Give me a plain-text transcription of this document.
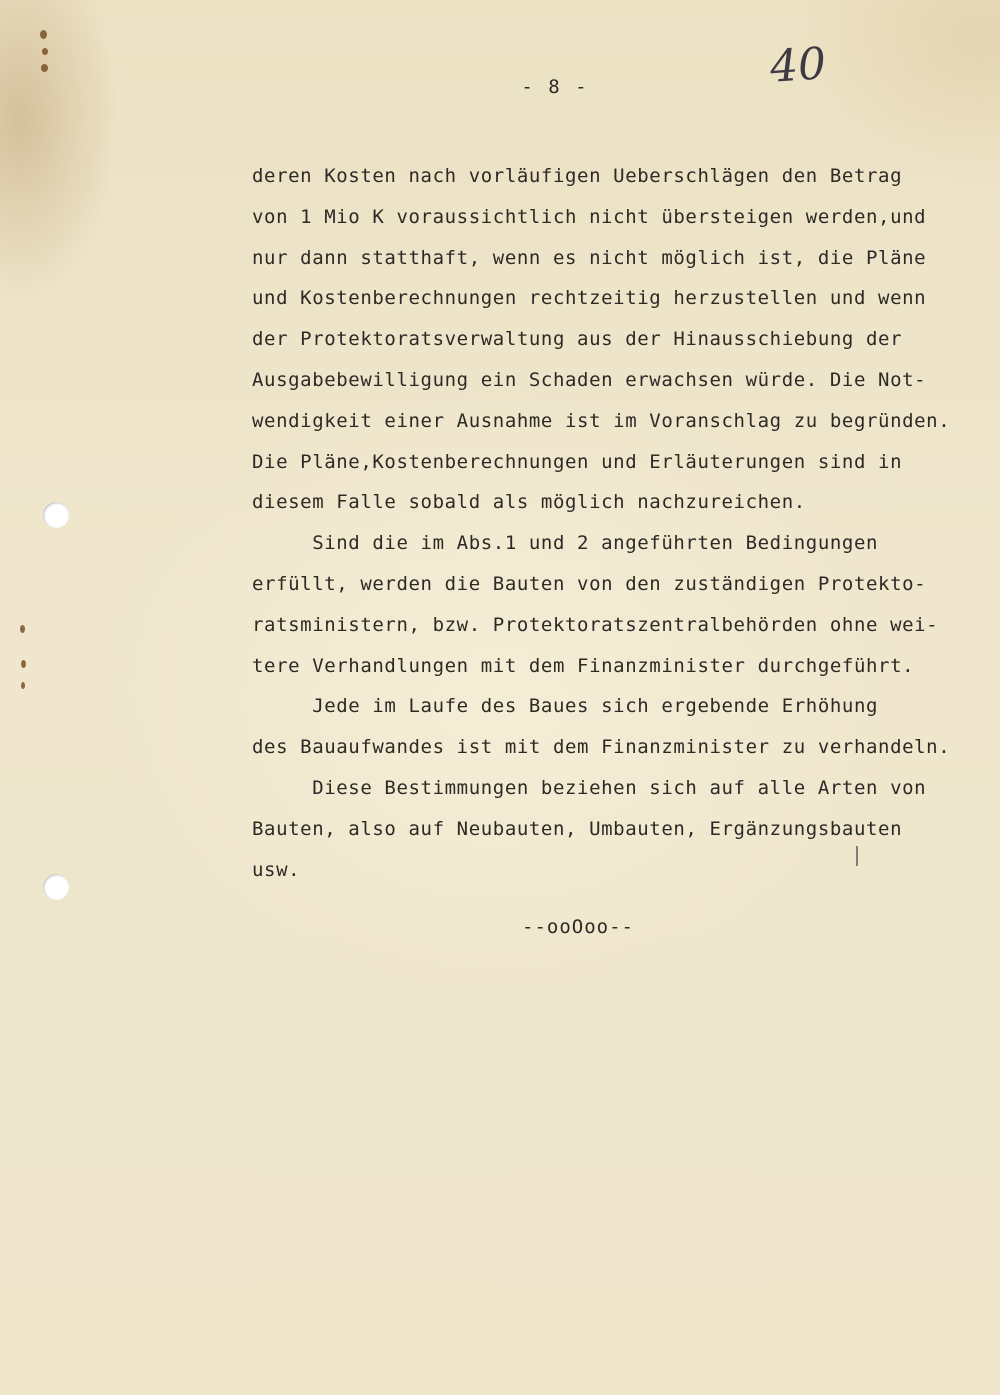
- 8 -	40
deren Kosten nach vorläufigen Ueberschlägen den Betrag
von 1 Mio K voraussichtlich nicht übersteigen werden,und
nur dann statthaft, wenn es nicht möglich ist, die Pläne
und Kostenberechnungen rechtzeitig herzustellen und wenn
der Protektoratsverwaltung aus der Hinausschiebung der
Ausgabebewilligung ein Schaden erwachsen würde. Die Not-
wendigkeit einer Ausnahme ist im Voranschlag zu begründen.
Die Pläne,Kostenberechnungen und Erläuterungen sind in
diesem Falle sobald als möglich nachzureichen.
Sind die im Abs.1 und 2 angeführten Bedingungen
erfüllt, werden die Bauten von den zuständigen Protekto-
ratsministern, bzw. Protektoratszentralbehörden ohne wei-
tere Verhandlungen mit dem Finanzminister durchgeführt.
Jede im Laufe des Baues sich ergebende Erhöhung
des Bauaufwandes ist mit dem Finanzminister zu verhandeln.
Diese Bestimmungen beziehen sich auf alle Arten von
Bauten, also auf Neubauten, Umbauten, Ergänzungsbauten
usw.
--ooOoo--
